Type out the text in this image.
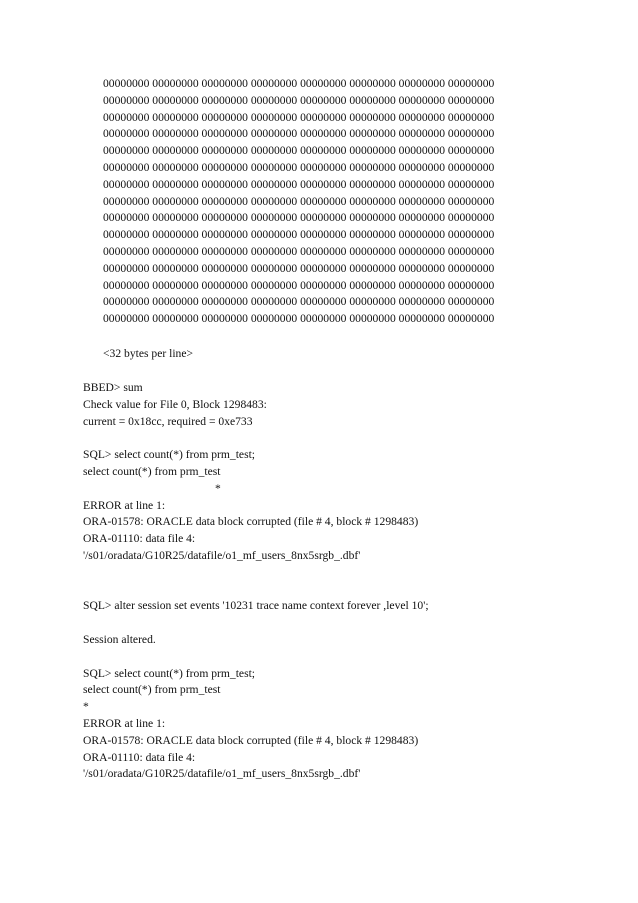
00000000 00000000 00000000 00000000 00000000 00000000 00000000 00000000
00000000 00000000 00000000 00000000 00000000 00000000 00000000 00000000
00000000 00000000 00000000 00000000 00000000 00000000 00000000 00000000
00000000 00000000 00000000 00000000 00000000 00000000 00000000 00000000
00000000 00000000 00000000 00000000 00000000 00000000 00000000 00000000
00000000 00000000 00000000 00000000 00000000 00000000 00000000 00000000
00000000 00000000 00000000 00000000 00000000 00000000 00000000 00000000
00000000 00000000 00000000 00000000 00000000 00000000 00000000 00000000
00000000 00000000 00000000 00000000 00000000 00000000 00000000 00000000
00000000 00000000 00000000 00000000 00000000 00000000 00000000 00000000
00000000 00000000 00000000 00000000 00000000 00000000 00000000 00000000
00000000 00000000 00000000 00000000 00000000 00000000 00000000 00000000
00000000 00000000 00000000 00000000 00000000 00000000 00000000 00000000
00000000 00000000 00000000 00000000 00000000 00000000 00000000 00000000
00000000 00000000 00000000 00000000 00000000 00000000 00000000 00000000
<32 bytes per line>
BBED> sum
Check value for File 0, Block 1298483:
current = 0x18cc, required = 0xe733
SQL> select count(*) from prm_test;
select count(*) from prm_test
*
ERROR at line 1:
ORA-01578: ORACLE data block corrupted (file # 4, block # 1298483)
ORA-01110: data file 4:
'/s01/oradata/G10R25/datafile/o1_mf_users_8nx5srgb_.dbf'
SQL> alter session set events '10231 trace name context forever ,level 10';
Session altered.
SQL> select count(*) from prm_test;
select count(*) from prm_test
*
ERROR at line 1:
ORA-01578: ORACLE data block corrupted (file # 4, block # 1298483)
ORA-01110: data file 4:
'/s01/oradata/G10R25/datafile/o1_mf_users_8nx5srgb_.dbf'
